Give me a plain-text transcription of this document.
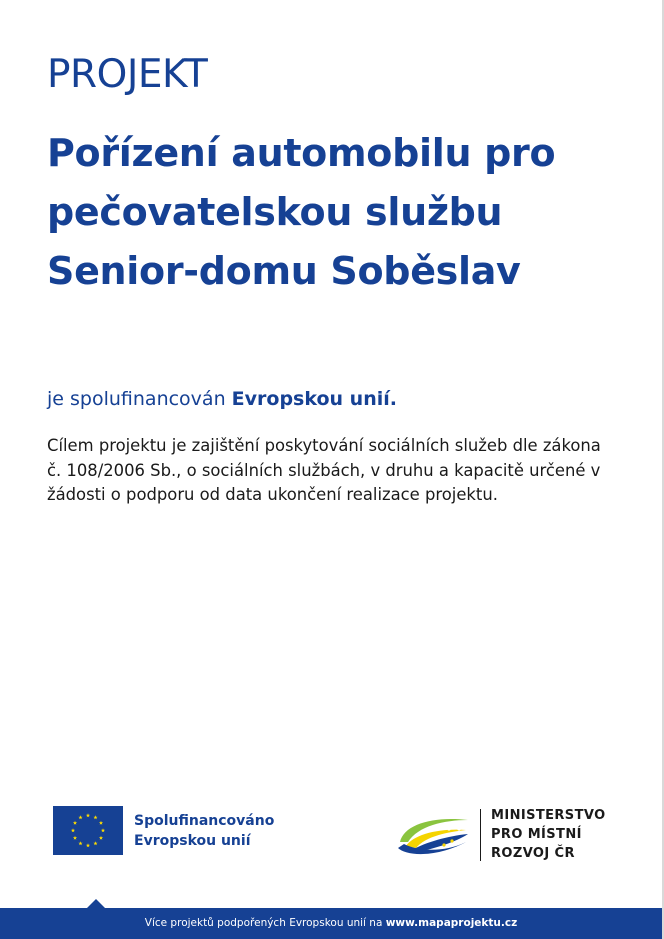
PROJEKT
Pořízení automobilu pro pečovatelskou službu Senior-domu Soběslav
je spolufinancován Evropskou unií.

Cílem projektu je zajištění poskytování sociálních služeb dle zákona č. 108/2006 Sb., o sociálních službách, v druhu a kapacitě určené v žádosti o podporu od data ukončení realizace projektu.

Spolufinancováno
Evropskou unií
MINISTERSTVO
PRO MÍSTNÍ
ROZVOJ ČR
Více projektů podpořených Evropskou unií na www.mapaprojektu.cz
